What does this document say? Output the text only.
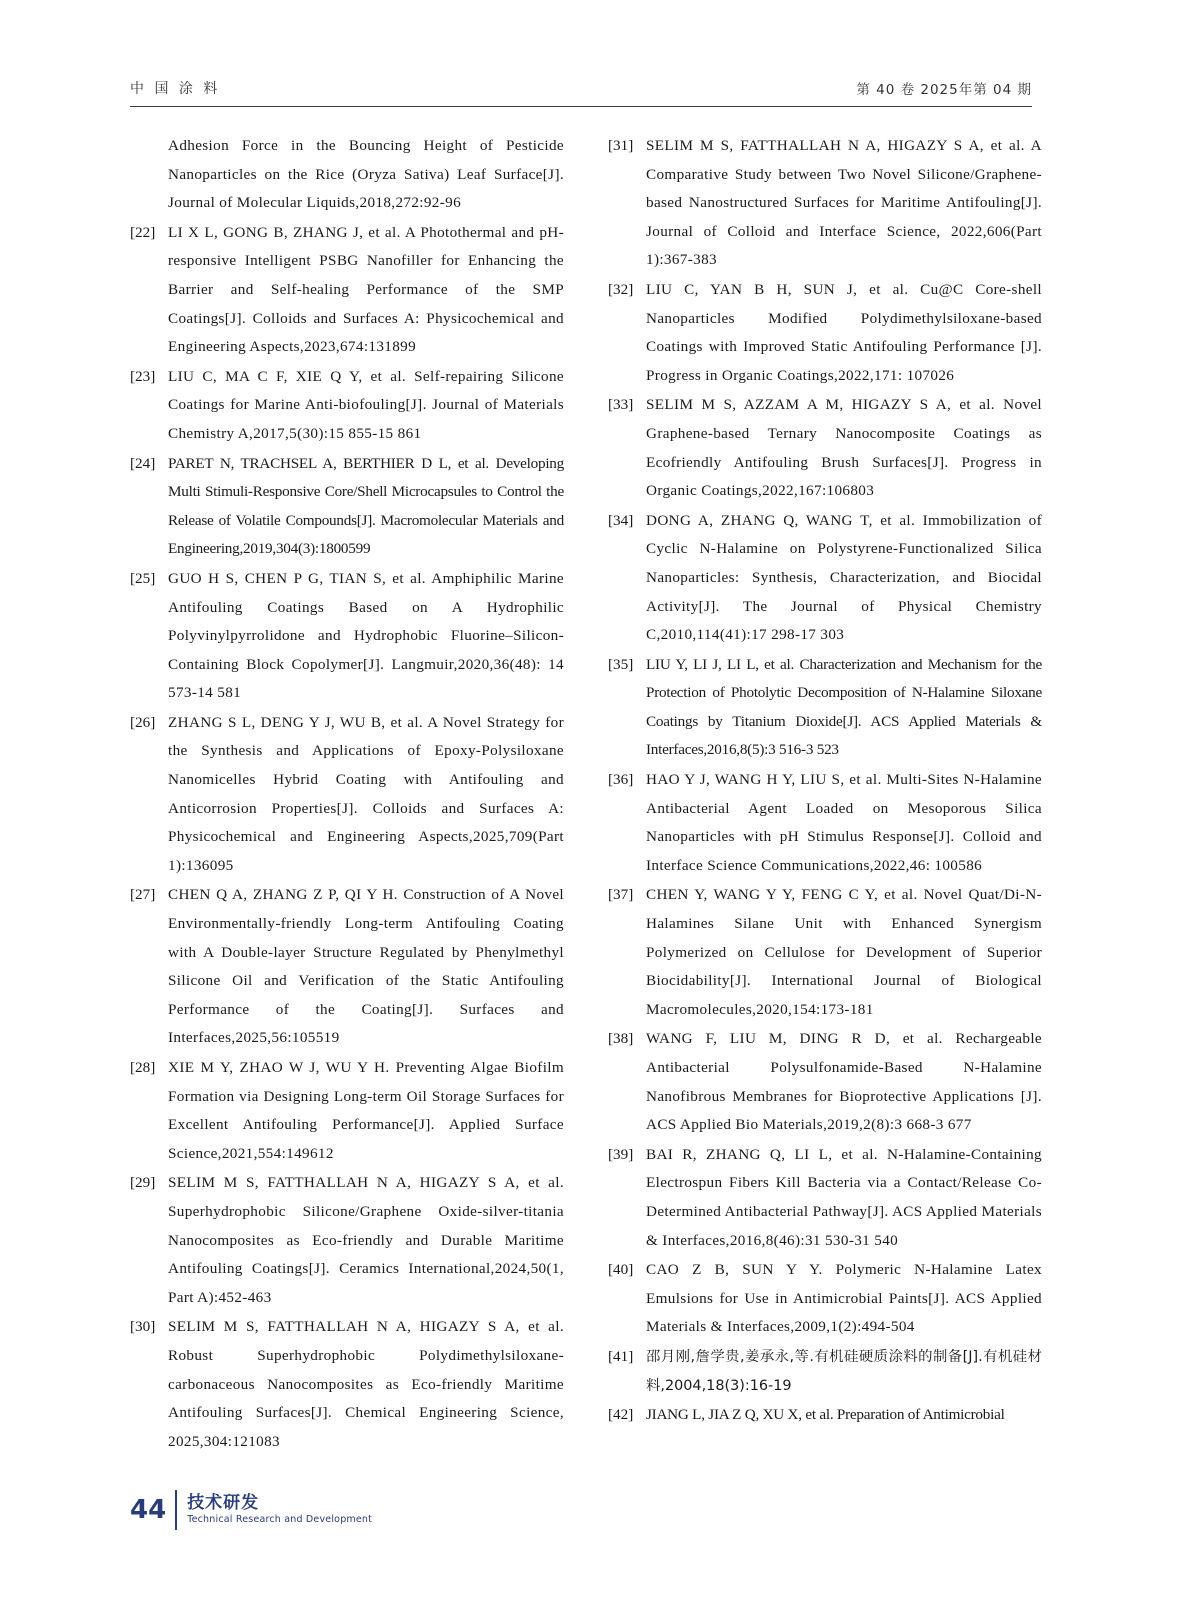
中 国 涂 料	第 40 卷 2025年第 04 期
Adhesion Force in the Bouncing Height of Pesticide Nanoparticles on the Rice (Oryza Sativa) Leaf Surface[J]. Journal of Molecular Liquids,2018,272:92-96
[22] LI X L, GONG B, ZHANG J, et al. A Photothermal and pH-responsive Intelligent PSBG Nanofiller for Enhancing the Barrier and Self-healing Performance of the SMP Coatings[J]. Colloids and Surfaces A: Physicochemical and Engineering Aspects,2023,674:131899
[23] LIU C, MA C F, XIE Q Y, et al. Self-repairing Silicone Coatings for Marine Anti-biofouling[J]. Journal of Materials Chemistry A,2017,5(30):15 855-15 861
[24] PARET N, TRACHSEL A, BERTHIER D L, et al. Developing Multi Stimuli-Responsive Core/Shell Microcapsules to Control the Release of Volatile Compounds[J]. Macromolecular Materials and Engineering,2019,304(3):1800599
[25] GUO H S, CHEN P G, TIAN S, et al. Amphiphilic Marine Antifouling Coatings Based on A Hydrophilic Polyvinylpyrrolidone and Hydrophobic Fluorine–Silicon-Containing Block Copolymer[J]. Langmuir,2020,36(48): 14 573-14 581
[26] ZHANG S L, DENG Y J, WU B, et al. A Novel Strategy for the Synthesis and Applications of Epoxy-Polysiloxane Nanomicelles Hybrid Coating with Antifouling and Anticorrosion Properties[J]. Colloids and Surfaces A: Physicochemical and Engineering Aspects,2025,709(Part 1):136095
[27] CHEN Q A, ZHANG Z P, QI Y H. Construction of A Novel Environmentally-friendly Long-term Antifouling Coating with A Double-layer Structure Regulated by Phenylmethyl Silicone Oil and Verification of the Static Antifouling Performance of the Coating[J]. Surfaces and Interfaces,2025,56:105519
[28] XIE M Y, ZHAO W J, WU Y H. Preventing Algae Biofilm Formation via Designing Long-term Oil Storage Surfaces for Excellent Antifouling Performance[J]. Applied Surface Science,2021,554:149612
[29] SELIM M S, FATTHALLAH N A, HIGAZY S A, et al. Superhydrophobic Silicone/Graphene Oxide-silver-titania Nanocomposites as Eco-friendly and Durable Maritime Antifouling Coatings[J]. Ceramics International,2024,50(1, Part A):452-463
[30] SELIM M S, FATTHALLAH N A, HIGAZY S A, et al. Robust Superhydrophobic Polydimethylsiloxane-carbonaceous Nanocomposites as Eco-friendly Maritime Antifouling Surfaces[J]. Chemical Engineering Science, 2025,304:121083
[31] SELIM M S, FATTHALLAH N A, HIGAZY S A, et al. A Comparative Study between Two Novel Silicone/Graphene-based Nanostructured Surfaces for Maritime Antifouling[J]. Journal of Colloid and Interface Science, 2022,606(Part 1):367-383
[32] LIU C, YAN B H, SUN J, et al. Cu@C Core-shell Nanoparticles Modified Polydimethylsiloxane-based Coatings with Improved Static Antifouling Performance [J]. Progress in Organic Coatings,2022,171: 107026
[33] SELIM M S, AZZAM A M, HIGAZY S A, et al. Novel Graphene-based Ternary Nanocomposite Coatings as Ecofriendly Antifouling Brush Surfaces[J]. Progress in Organic Coatings,2022,167:106803
[34] DONG A, ZHANG Q, WANG T, et al. Immobilization of Cyclic N-Halamine on Polystyrene-Functionalized Silica Nanoparticles: Synthesis, Characterization, and Biocidal Activity[J]. The Journal of Physical Chemistry C,2010,114(41):17 298-17 303
[35] LIU Y, LI J, LI L, et al. Characterization and Mechanism for the Protection of Photolytic Decomposition of N-Halamine Siloxane Coatings by Titanium Dioxide[J]. ACS Applied Materials & Interfaces,2016,8(5):3 516-3 523
[36] HAO Y J, WANG H Y, LIU S, et al. Multi-Sites N-Halamine Antibacterial Agent Loaded on Mesoporous Silica Nanoparticles with pH Stimulus Response[J]. Colloid and Interface Science Communications,2022,46: 100586
[37] CHEN Y, WANG Y Y, FENG C Y, et al. Novel Quat/Di-N-Halamines Silane Unit with Enhanced Synergism Polymerized on Cellulose for Development of Superior Biocidability[J]. International Journal of Biological Macromolecules,2020,154:173-181
[38] WANG F, LIU M, DING R D, et al. Rechargeable Antibacterial Polysulfonamide-Based N-Halamine Nanofibrous Membranes for Bioprotective Applications [J]. ACS Applied Bio Materials,2019,2(8):3 668-3 677
[39] BAI R, ZHANG Q, LI L, et al. N-Halamine-Containing Electrospun Fibers Kill Bacteria via a Contact/Release Co-Determined Antibacterial Pathway[J]. ACS Applied Materials & Interfaces,2016,8(46):31 530-31 540
[40] CAO Z B, SUN Y Y. Polymeric N-Halamine Latex Emulsions for Use in Antimicrobial Paints[J]. ACS Applied Materials & Interfaces,2009,1(2):494-504
[41] 邵月刚,詹学贵,姜承永,等.有机硅硬质涂料的制备[J].有机硅材料,2004,18(3):16-19
[42] JIANG L, JIA Z Q, XU X, et al. Preparation of Antimicrobial
44 技术研发
Technical Research and Development
